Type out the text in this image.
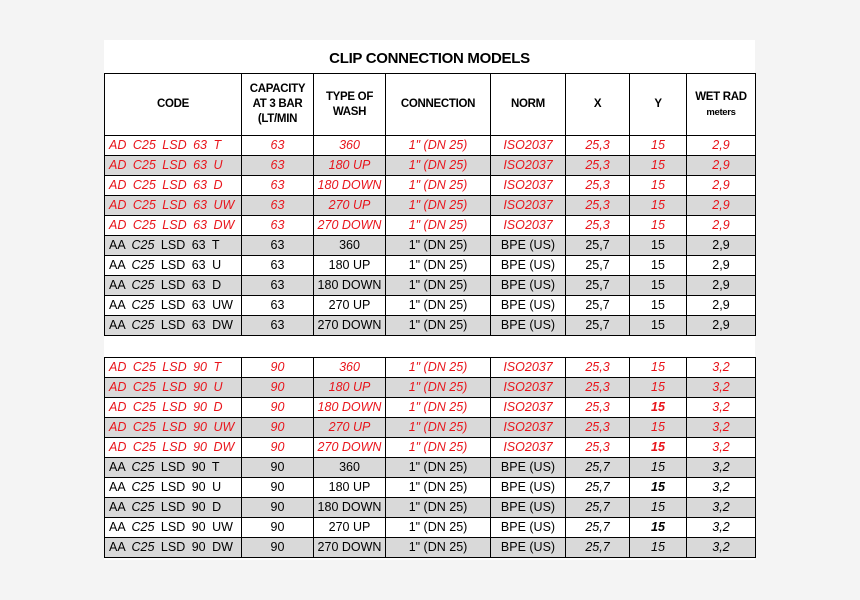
CLIP CONNECTION MODELS
CODE	CAPACITY AT 3 BAR (LT/MIN	TYPE OF WASH	CONNECTION	NORM	X	Y	WET RAD
meters

AD C25 LSD 63 T	63	360	1" (DN 25)	ISO2037	25,3	15	2,9
AD C25 LSD 63 U	63	180 UP	1" (DN 25)	ISO2037	25,3	15	2,9
AD C25 LSD 63 D	63	180 DOWN	1" (DN 25)	ISO2037	25,3	15	2,9
AD C25 LSD 63 UW	63	270 UP	1" (DN 25)	ISO2037	25,3	15	2,9
AD C25 LSD 63 DW	63	270 DOWN	1" (DN 25)	ISO2037	25,3	15	2,9
AA C25 LSD 63 T	63	360	1" (DN 25)	BPE (US)	25,7	15	2,9
AA C25 LSD 63 U	63	180 UP	1" (DN 25)	BPE (US)	25,7	15	2,9
AA C25 LSD 63 D	63	180 DOWN	1" (DN 25)	BPE (US)	25,7	15	2,9
AA C25 LSD 63 UW	63	270 UP	1" (DN 25)	BPE (US)	25,7	15	2,9
AA C25 LSD 63 DW	63	270 DOWN	1" (DN 25)	BPE (US)	25,7	15	2,9
AD C25 LSD 90 T	90	360	1" (DN 25)	ISO2037	25,3	15	3,2
AD C25 LSD 90 U	90	180 UP	1" (DN 25)	ISO2037	25,3	15	3,2
AD C25 LSD 90 D	90	180 DOWN	1" (DN 25)	ISO2037	25,3	15	3,2
AD C25 LSD 90 UW	90	270 UP	1" (DN 25)	ISO2037	25,3	15	3,2
AD C25 LSD 90 DW	90	270 DOWN	1" (DN 25)	ISO2037	25,3	15	3,2
AA C25 LSD 90 T	90	360	1" (DN 25)	BPE (US)	25,7	15	3,2
AA C25 LSD 90 U	90	180 UP	1" (DN 25)	BPE (US)	25,7	15	3,2
AA C25 LSD 90 D	90	180 DOWN	1" (DN 25)	BPE (US)	25,7	15	3,2
AA C25 LSD 90 UW	90	270 UP	1" (DN 25)	BPE (US)	25,7	15	3,2
AA C25 LSD 90 DW	90	270 DOWN	1" (DN 25)	BPE (US)	25,7	15	3,2
